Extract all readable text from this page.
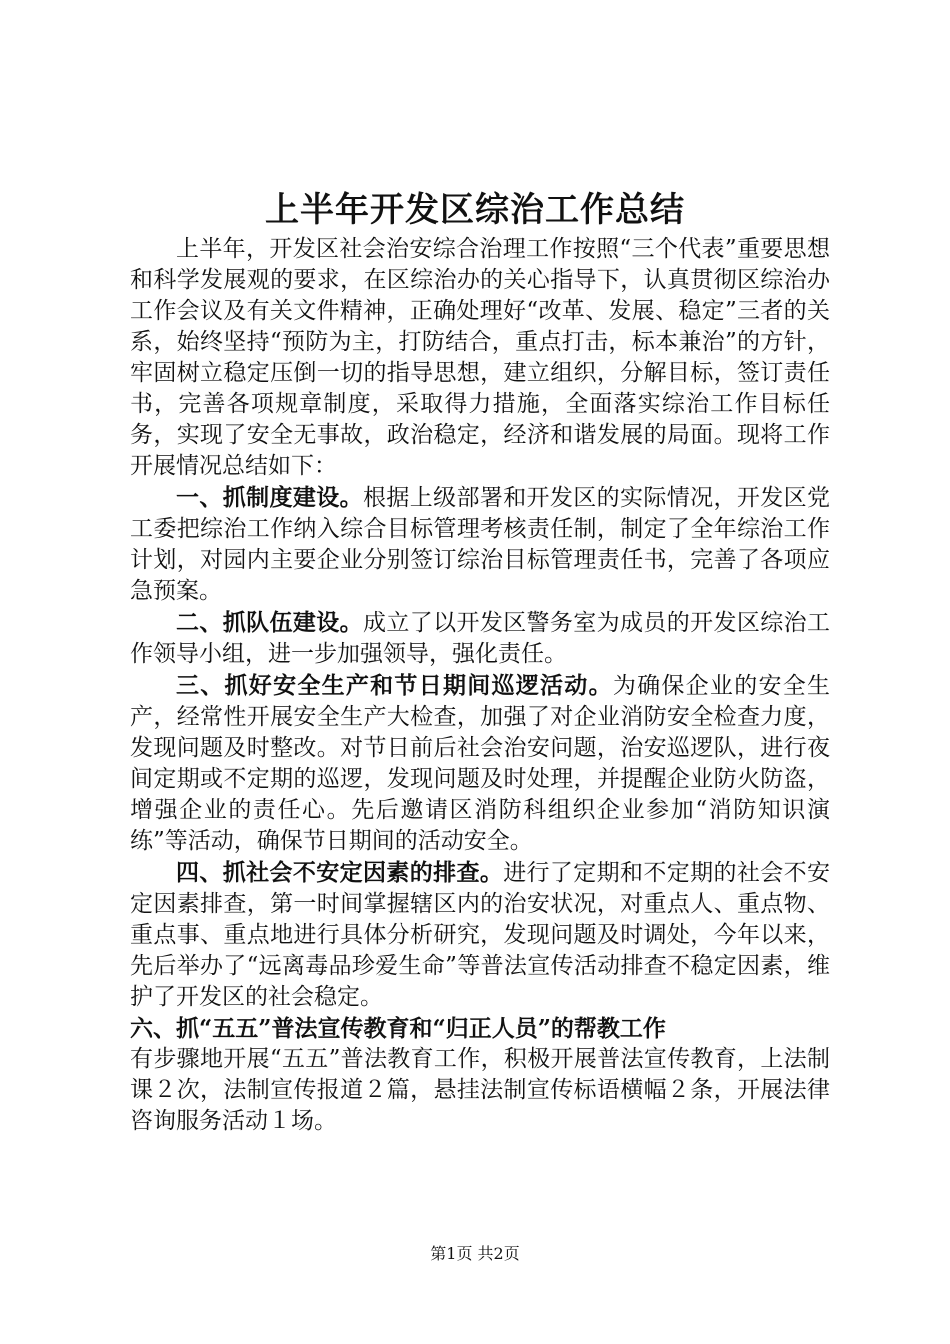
上半年开发区综治工作总结

上半年，开发区社会治安综合治理工作按照“三个代表”重要思想和科学发展观的要求，在区综治办的关心指导下，认真贯彻区综治办工作会议及有关文件精神，正确处理好“改革、发展、稳定”三者的关系，始终坚持“预防为主，打防结合，重点打击，标本兼治”的方针，牢固树立稳定压倒一切的指导思想，建立组织，分解目标，签订责任书，完善各项规章制度，采取得力措施，全面落实综治工作目标任务，实现了安全无事故，政治稳定，经济和谐发展的局面。现将工作开展情况总结如下：

一、抓制度建设。根据上级部署和开发区的实际情况，开发区党工委把综治工作纳入综合目标管理考核责任制，制定了全年综治工作计划，对园内主要企业分别签订综治目标管理责任书，完善了各项应急预案。

二、抓队伍建设。成立了以开发区警务室为成员的开发区综治工作领导小组，进一步加强领导，强化责任。

三、抓好安全生产和节日期间巡逻活动。为确保企业的安全生产，经常性开展安全生产大检查，加强了对企业消防安全检查力度，发现问题及时整改。对节日前后社会治安问题，治安巡逻队，进行夜间定期或不定期的巡逻，发现问题及时处理，并提醒企业防火防盗，增强企业的责任心。先后邀请区消防科组织企业参加“消防知识演练”等活动，确保节日期间的活动安全。

四、抓社会不安定因素的排查。进行了定期和不定期的社会不安定因素排查，第一时间掌握辖区内的治安状况，对重点人、重点物、重点事、重点地进行具体分析研究，发现问题及时调处，今年以来，先后举办了“远离毒品珍爱生命”等普法宣传活动排查不稳定因素，维护了开发区的社会稳定。

六、抓“五五”普法宣传教育和“归正人员”的帮教工作

有步骤地开展“五五”普法教育工作，积极开展普法宣传教育，上法制课２次，法制宣传报道２篇，悬挂法制宣传标语横幅２条，开展法律咨询服务活动１场。

第1页 共2页
